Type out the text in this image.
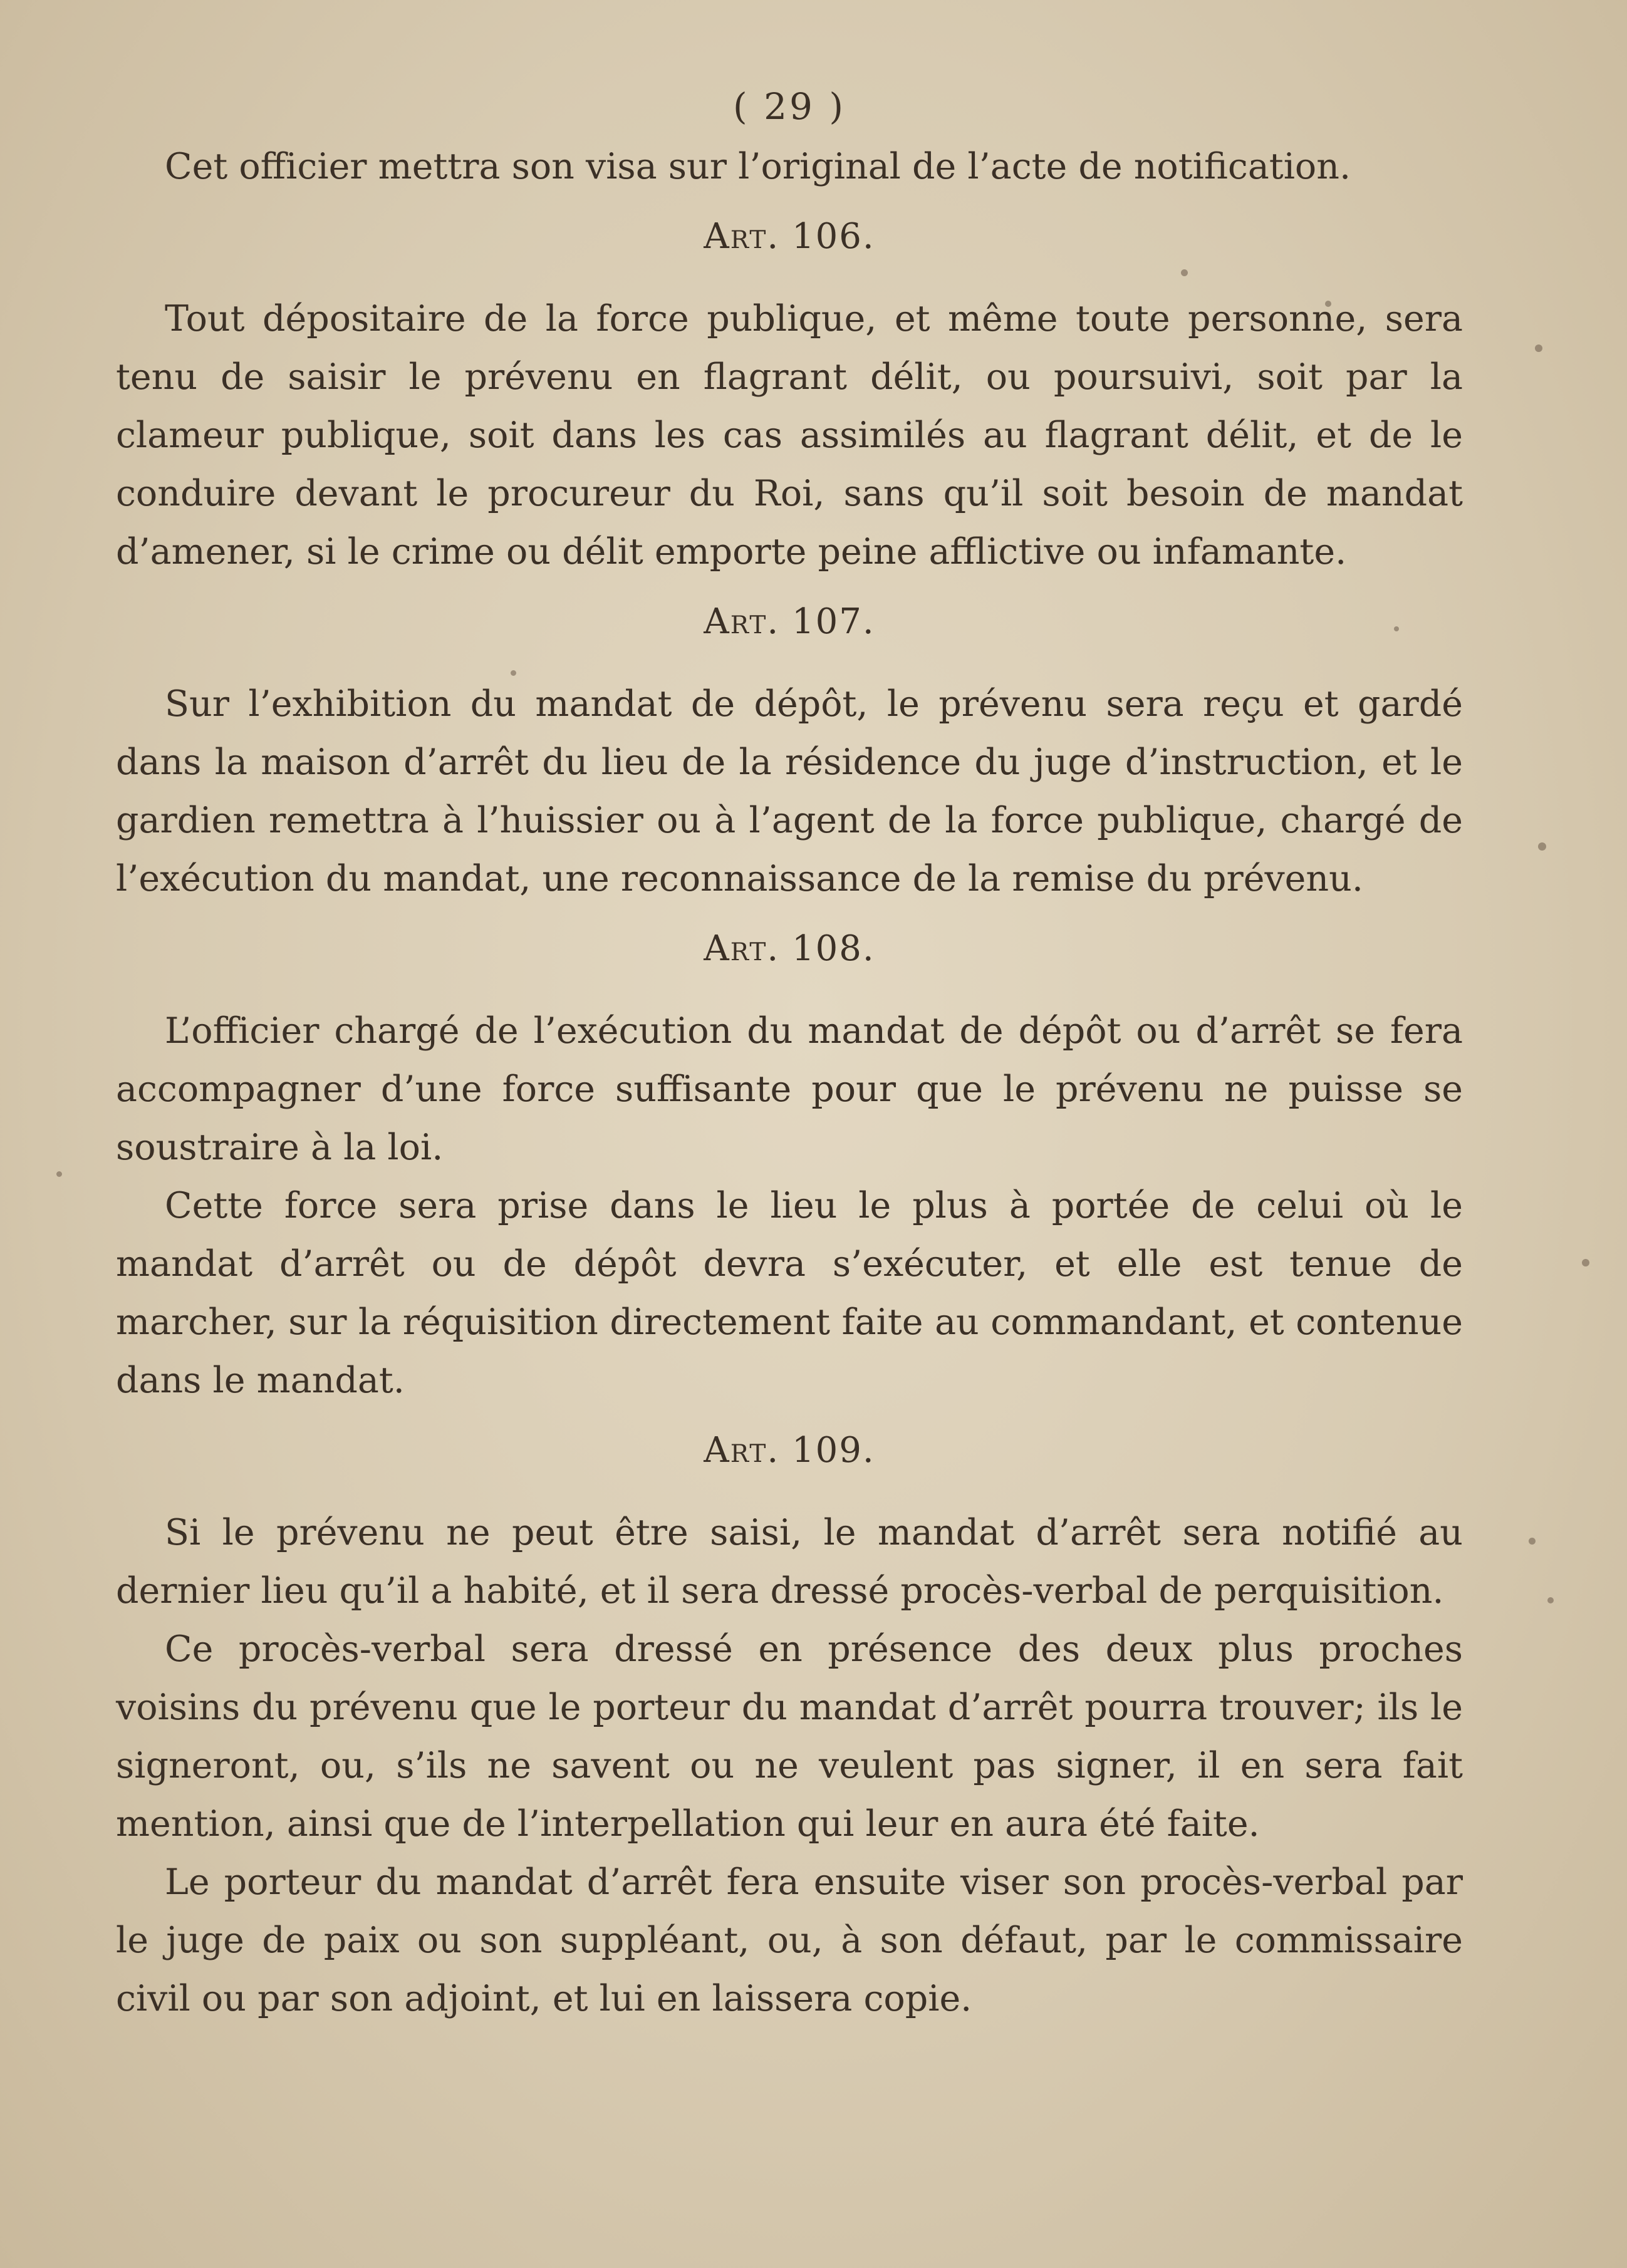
( 29 )

Cet officier mettra son visa sur l’original de l’acte de notification.

Art. 106.

Tout dépositaire de la force publique, et même toute personne, sera tenu de saisir le prévenu en flagrant délit, ou poursuivi, soit par la clameur publique, soit dans les cas assimilés au flagrant délit, et de le conduire devant le procureur du Roi, sans qu’il soit besoin de mandat d’amener, si le crime ou délit emporte peine afflictive ou infamante.

Art. 107.

Sur l’exhibition du mandat de dépôt, le prévenu sera reçu et gardé dans la maison d’arrêt du lieu de la résidence du juge d’instruction, et le gardien remettra à l’huissier ou à l’agent de la force publique, chargé de l’exécution du mandat, une reconnaissance de la remise du prévenu.

Art. 108.

L’officier chargé de l’exécution du mandat de dépôt ou d’arrêt se fera accompagner d’une force suffisante pour que le prévenu ne puisse se soustraire à la loi.

Cette force sera prise dans le lieu le plus à portée de celui où le mandat d’arrêt ou de dépôt devra s’exécuter, et elle est tenue de marcher, sur la réquisition directement faite au commandant, et contenue dans le mandat.

Art. 109.

Si le prévenu ne peut être saisi, le mandat d’arrêt sera notifié au dernier lieu qu’il a habité, et il sera dressé procès-verbal de perquisition.

Ce procès-verbal sera dressé en présence des deux plus proches voisins du prévenu que le porteur du mandat d’arrêt pourra trouver; ils le signeront, ou, s’ils ne savent ou ne veulent pas signer, il en sera fait mention, ainsi que de l’interpellation qui leur en aura été faite.

Le porteur du mandat d’arrêt fera ensuite viser son procès-verbal par le juge de paix ou son suppléant, ou, à son défaut, par le commissaire civil ou par son adjoint, et lui en laissera copie.
